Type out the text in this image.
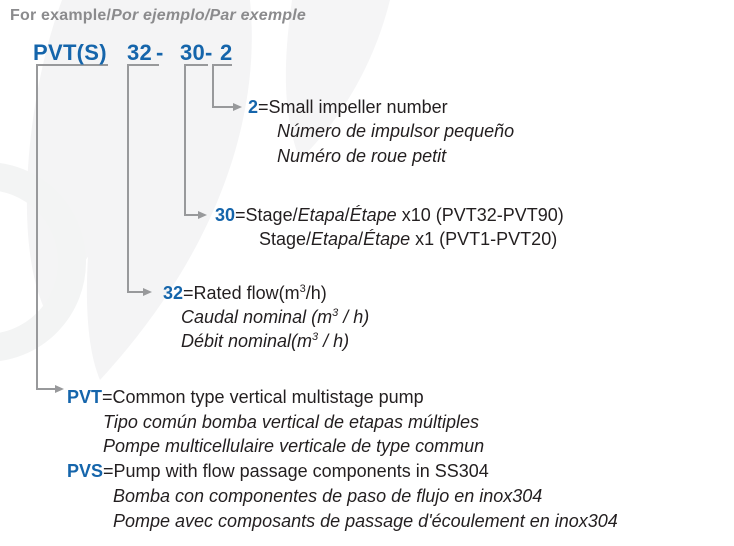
For example/Por ejemplo/Par exemple
PVT(S) 32 - 30 - 2
2=Small impeller number
Número de impulsor pequeño
Numéro de roue petit
30=Stage/Etapa/Étape x10 (PVT32-PVT90)
Stage/Etapa/Étape x1 (PVT1-PVT20)
32=Rated $flow(m^3/h)$
Caudal nominal $(m^3 / h)$
Débit $nominal(m^3 / h)$
PVT=Common type vertical multistage pump
Tipo común bomba vertical de etapas múltiples
Pompe multicellulaire verticale de type commun
PVS=Pump with flow passage components in SS304
Bomba con componentes de paso de flujo en inox304
Pompe avec composants de passage d'écoulement en inox304
